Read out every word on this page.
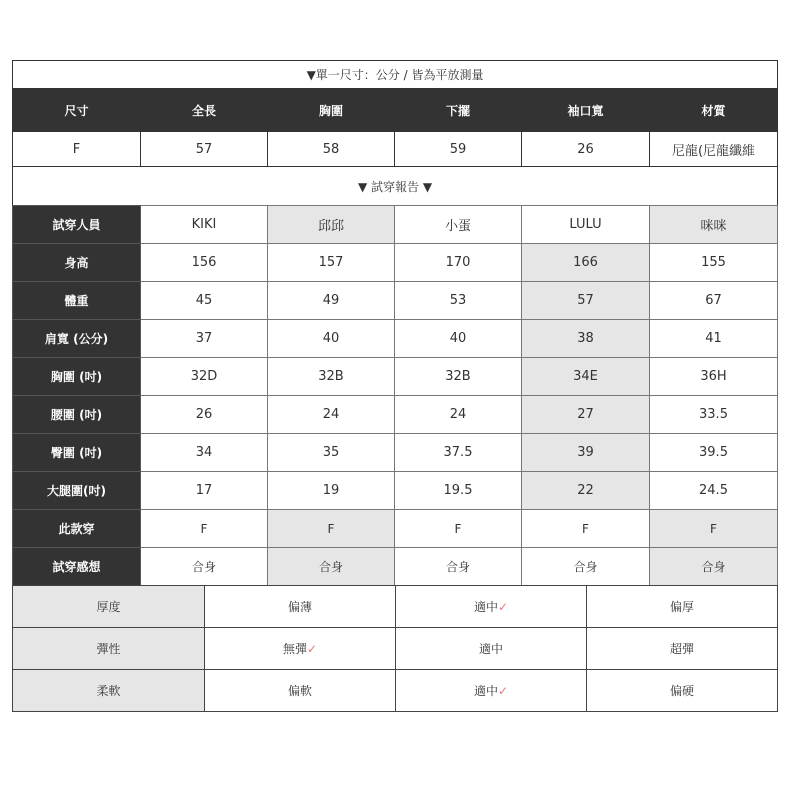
▼單一尺寸：公分 / 皆為平放測量					
尺寸	全長	胸圍	下擺	袖口寬	材質
F	57	58	59	26	尼龍(尼龍纖維
▼ 試穿報告 ▼					
試穿人員	KIKI	邱邱	小蛋	LULU	咪咪
身高	156	157	170	166	155
體重	45	49	53	57	67
肩寬 (公分)	37	40	40	38	41
胸圍 (吋)	32D	32B	32B	34E	36H
腰圍 (吋)	26	24	24	27	33.5
臀圍 (吋)	34	35	37.5	39	39.5
大腿圍(吋)	17	19	19.5	22	24.5
此款穿	F	F	F	F	F
試穿感想	合身	合身	合身	合身	合身
厚度	偏薄	適中✓	偏厚
彈性	無彈✓	適中	超彈
柔軟	偏軟	適中✓	偏硬
